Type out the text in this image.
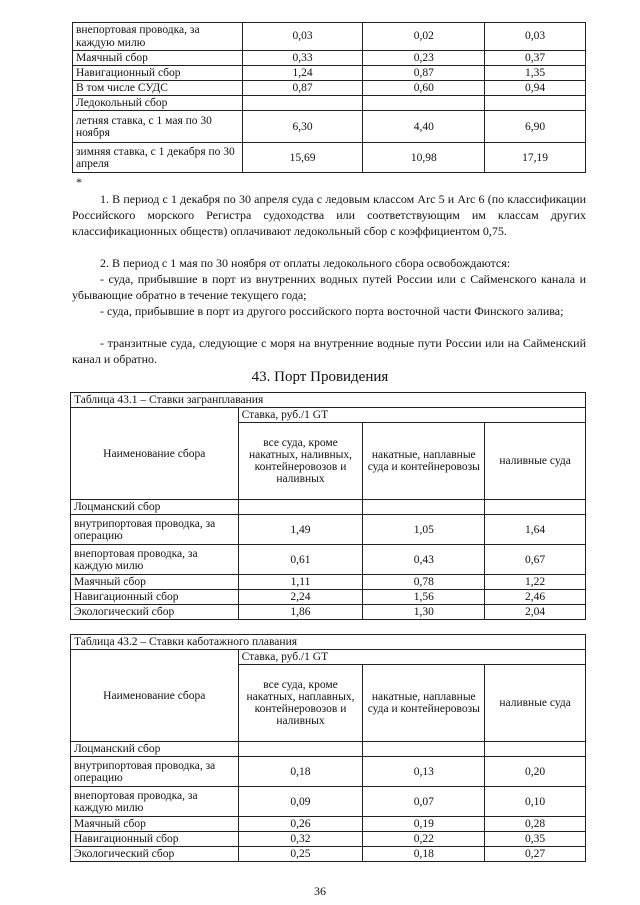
внепортовая проводка, за каждую милю	0,03	0,02	0,03
Маячный сбор	0,33	0,23	0,37
Навигационный сбор	1,24	0,87	1,35
В том числе СУДС	0,87	0,60	0,94
Ледокольный сбор			
летняя ставка, с 1 мая по 30 ноября	6,30	4,40	6,90
зимняя ставка, с 1 декабря по 30 апреля	15,69	10,98	17,19
*
1. В период с 1 декабря по 30 апреля суда с ледовым классом Arc 5 и Arc 6 (по классификации Российского морского Регистра судоходства или соответствующим им классам других классификационных обществ) оплачивают ледокольный сбор с коэффициентом 0,75.
2. В период с 1 мая по 30 ноября от оплаты ледокольного сбора освобождаются:
- суда, прибывшие в порт из внутренних водных путей России или с Сайменского канала и убывающие обратно в течение текущего года;
- суда, прибывшие в порт из другого российского порта восточной части Финского залива;
- транзитные суда, следующие с моря на внутренние водные пути России или на Сайменский канал и обратно.
43. Порт Провидения
Таблица 43.1 – Ставки загранплавания			
Наименование сбора	Ставка, руб./1 GT		
	все суда, кроме накатных, наливных, контейнеровозов и наливных	накатные, наплавные суда и контейнеровозы	наливные суда
Лоцманский сбор			
внутрипортовая проводка, за операцию	1,49	1,05	1,64
внепортовая проводка, за каждую милю	0,61	0,43	0,67
Маячный сбор	1,11	0,78	1,22
Навигационный сбор	2,24	1,56	2,46
Экологический сбор	1,86	1,30	2,04
Таблица 43.2 – Ставки каботажного плавания			
Наименование сбора	Ставка, руб./1 GT		
	все суда, кроме накатных, наплавных, контейнеровозов и наливных	накатные, наплавные суда и контейнеровозы	наливные суда
Лоцманский сбор			
внутрипортовая проводка, за операцию	0,18	0,13	0,20
внепортовая проводка, за каждую милю	0,09	0,07	0,10
Маячный сбор	0,26	0,19	0,28
Навигационный сбор	0,32	0,22	0,35
Экологический сбор	0,25	0,18	0,27
36
